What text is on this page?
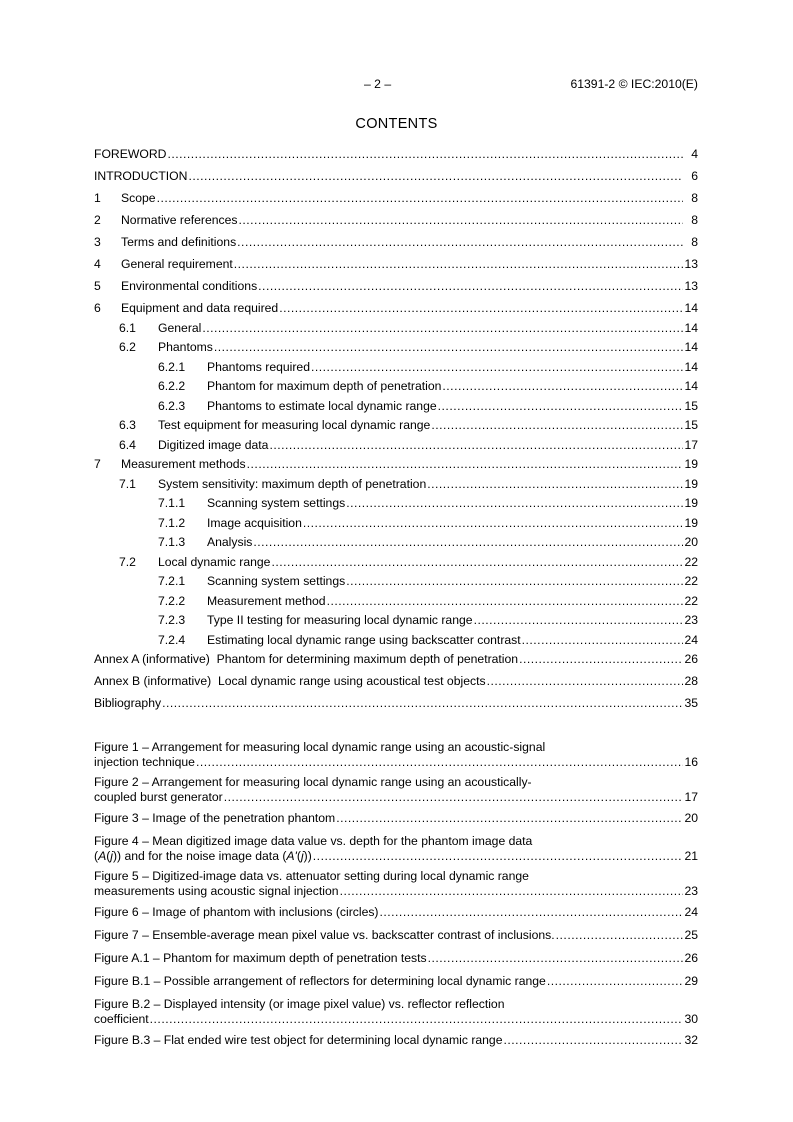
– 2 –	61391-2 © IEC:2010(E)
CONTENTS
FOREWORD .....	4
INTRODUCTION .....	6
1	Scope .....	8
2	Normative references .....	8
3	Terms and definitions .....	8
4	General requirement .....	13
5	Environmental conditions .....	13
6	Equipment and data required .....	14
6.1	General .....	14
6.2	Phantoms .....	14
6.2.1	Phantoms required .....	14
6.2.2	Phantom for maximum depth of penetration .....	14
6.2.3	Phantoms to estimate local dynamic range .....	15
6.3	Test equipment for measuring local dynamic range .....	15
6.4	Digitized image data .....	17
7	Measurement methods .....	19
7.1	System sensitivity: maximum depth of penetration .....	19
7.1.1	Scanning system settings .....	19
7.1.2	Image acquisition .....	19
7.1.3	Analysis .....	20
7.2	Local dynamic range .....	22
7.2.1	Scanning system settings .....	22
7.2.2	Measurement method .....	22
7.2.3	Type II testing for measuring local dynamic range .....	23
7.2.4	Estimating local dynamic range using backscatter contrast .....	24
Annex A (informative)  Phantom for determining maximum depth of penetration .....	26
Annex B (informative)  Local dynamic range using acoustical test objects .....	28
Bibliography .....	35
Figure 1 – Arrangement for measuring local dynamic range using an acoustic-signal
injection technique .....	16
Figure 2 – Arrangement for measuring local dynamic range using an acoustically-
coupled burst generator .....	17
Figure 3 – Image of the penetration phantom .....	20
Figure 4 – Mean digitized image data value vs. depth for the phantom image data
(A(j)) and for the noise image data (A'(j)) .....	21
Figure 5 – Digitized-image data vs. attenuator setting during local dynamic range
measurements using acoustic signal injection .....	23
Figure 6 – Image of phantom with inclusions (circles) .....	24
Figure 7 – Ensemble-average mean pixel value vs. backscatter contrast of inclusions. .....	25
Figure A.1 – Phantom for maximum depth of penetration tests .....	26
Figure B.1 – Possible arrangement of reflectors for determining local dynamic range .....	29
Figure B.2 – Displayed intensity (or image pixel value) vs. reflector reflection
coefficient .....	30
Figure B.3 – Flat ended wire test object for determining local dynamic range .....	32
